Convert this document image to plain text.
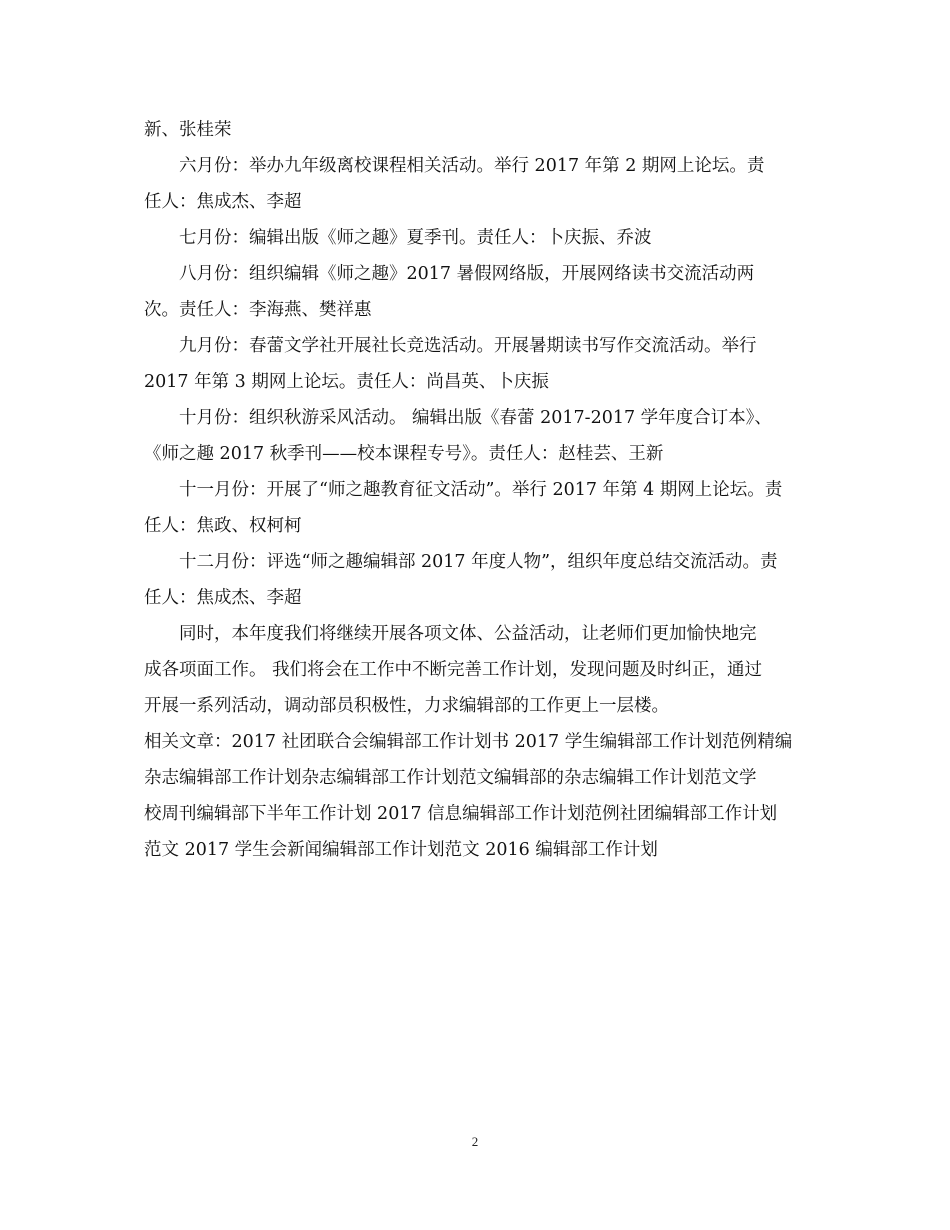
新、张桂荣
六月份：举办九年级离校课程相关活动。举行 2017 年第 2 期网上论坛。责
任人：焦成杰、李超
七月份：编辑出版《师之趣》夏季刊。责任人：卜庆振、乔波
八月份：组织编辑《师之趣》2017 暑假网络版，开展网络读书交流活动两
次。责任人：李海燕、樊祥惠
九月份：春蕾文学社开展社长竞选活动。开展暑期读书写作交流活动。举行
2017 年第 3 期网上论坛。责任人：尚昌英、卜庆振
十月份：组织秋游采风活动。 编辑出版《春蕾 2017-2017 学年度合订本》、
《师之趣 2017 秋季刊——校本课程专号》。责任人：赵桂芸、王新
十一月份：开展了“师之趣教育征文活动”。举行 2017 年第 4 期网上论坛。责
任人：焦政、权柯柯
十二月份：评选“师之趣编辑部 2017 年度人物”，组织年度总结交流活动。责
任人：焦成杰、李超
同时，本年度我们将继续开展各项文体、公益活动，让老师们更加愉快地完
成各项面工作。 我们将会在工作中不断完善工作计划，发现问题及时纠正，通过
开展一系列活动，调动部员积极性，力求编辑部的工作更上一层楼。
相关文章：2017 社团联合会编辑部工作计划书 2017 学生编辑部工作计划范例精编
杂志编辑部工作计划杂志编辑部工作计划范文编辑部的杂志编辑工作计划范文学
校周刊编辑部下半年工作计划 2017 信息编辑部工作计划范例社团编辑部工作计划
范文 2017 学生会新闻编辑部工作计划范文 2016 编辑部工作计划
2
